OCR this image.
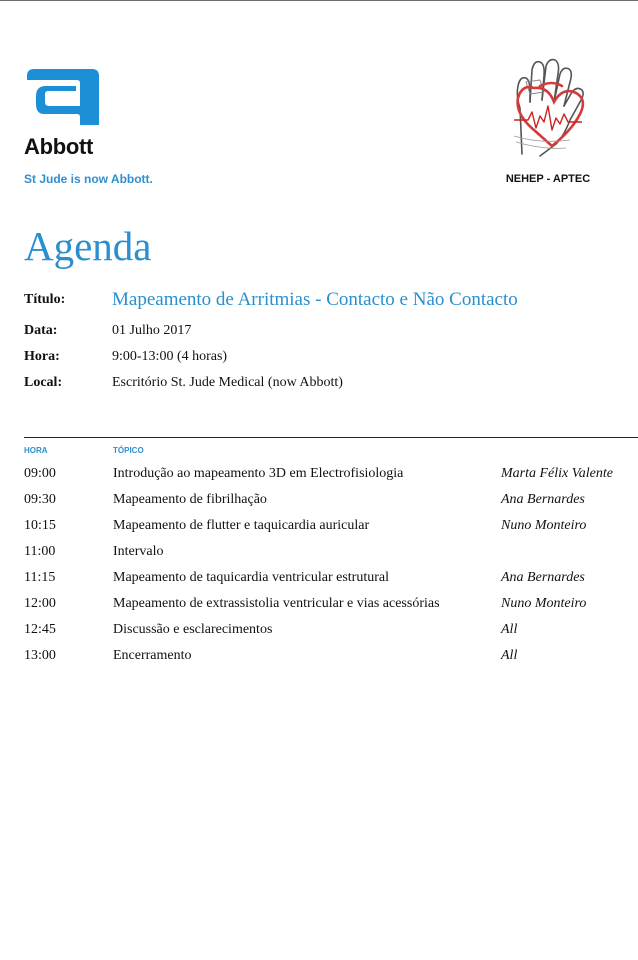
Abbott
St Jude is now Abbott.	NEHEP - APTEC
Agenda
Título: Mapeamento de Arritmias - Contacto e Não Contacto
Data:	01 Julho 2017
Hora:	9:00-13:00 (4 horas)
Local:	Escritório St. Jude Medical (now Abbott)
HORA	TÓPICO
09:00	Introdução ao mapeamento 3D em Electrofisiologia	Marta Félix Valente
09:30	Mapeamento de fibrilhação	Ana Bernardes
10:15	Mapeamento de flutter e taquicardia auricular	Nuno Monteiro
11:00	Intervalo
11:15	Mapeamento de taquicardia ventricular estrutural	Ana Bernardes
12:00	Mapeamento de extrassistolia ventricular e vias acessórias	Nuno Monteiro
12:45	Discussão e esclarecimentos	All
13:00	Encerramento	All
